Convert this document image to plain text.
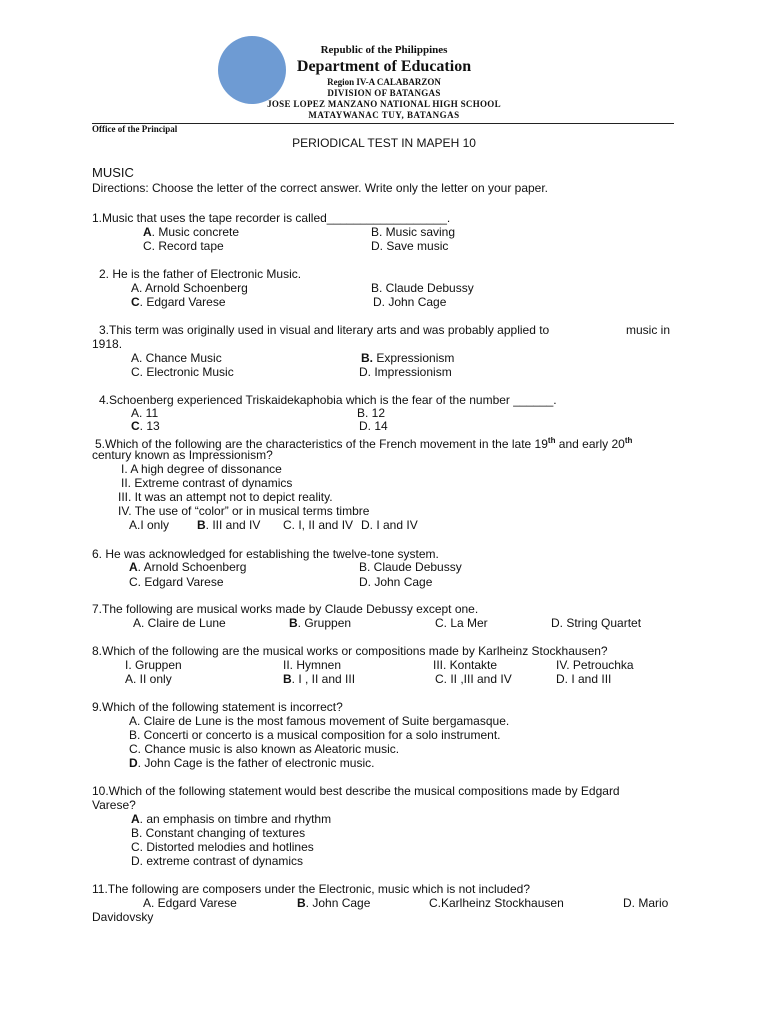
Republic of the Philippines
Department of Education
Region IV-A CALABARZON
DIVISION OF BATANGAS
JOSE LOPEZ MANZANO NATIONAL HIGH SCHOOL
MATAYWANAC TUY, BATANGAS
Office of the Principal
PERIODICAL TEST IN MAPEH 10
MUSIC
Directions: Choose the letter of the correct answer. Write only the letter on your paper.
1.Music that uses the tape recorder is called__________________.
A. Music concrete	B. Music saving
C. Record tape	D. Save music
2. He is the father of Electronic Music.
A. Arnold Schoenberg	B. Claude Debussy
C. Edgard Varese	D. John Cage
3.This term was originally used in visual and literary arts and was probably applied to	music in
1918.
A. Chance Music	B. Expressionism
C. Electronic Music	D. Impressionism
4.Schoenberg experienced Triskaidekaphobia which is the fear of the number ______.
A. 11	B. 12
C. 13	D. 14
5.Which of the following are the characteristics of the French movement in the late 19th and early 20th
century known as Impressionism?
I. A high degree of dissonance
II. Extreme contrast of dynamics
III. It was an attempt not to depict reality.
IV. The use of “color” or in musical terms timbre
A.I only B. III and IV C. I, II and IV D. I and IV
6. He was acknowledged for establishing the twelve-tone system.
A. Arnold Schoenberg	B. Claude Debussy
C. Edgard Varese	D. John Cage
7.The following are musical works made by Claude Debussy except one.
A. Claire de Lune	B. Gruppen	C. La Mer	D. String Quartet
8.Which of the following are the musical works or compositions made by Karlheinz Stockhausen?
I. Gruppen	II. Hymnen	III. Kontakte	IV. Petrouchka
A. II only	B. I , II and III	C. II ,III and IV	D. I and III
9.Which of the following statement is incorrect?
A. Claire de Lune is the most famous movement of Suite bergamasque.
B. Concerti or concerto is a musical composition for a solo instrument.
C. Chance music is also known as Aleatoric music.
D. John Cage is the father of electronic music.
10.Which of the following statement would best describe the musical compositions made by Edgard
Varese?
A. an emphasis on timbre and rhythm
B. Constant changing of textures
C. Distorted melodies and hotlines
D. extreme contrast of dynamics
11.The following are composers under the Electronic, music which is not included?
A. Edgard Varese	B. John Cage	C.Karlheinz Stockhausen	D. Mario
Davidovsky
